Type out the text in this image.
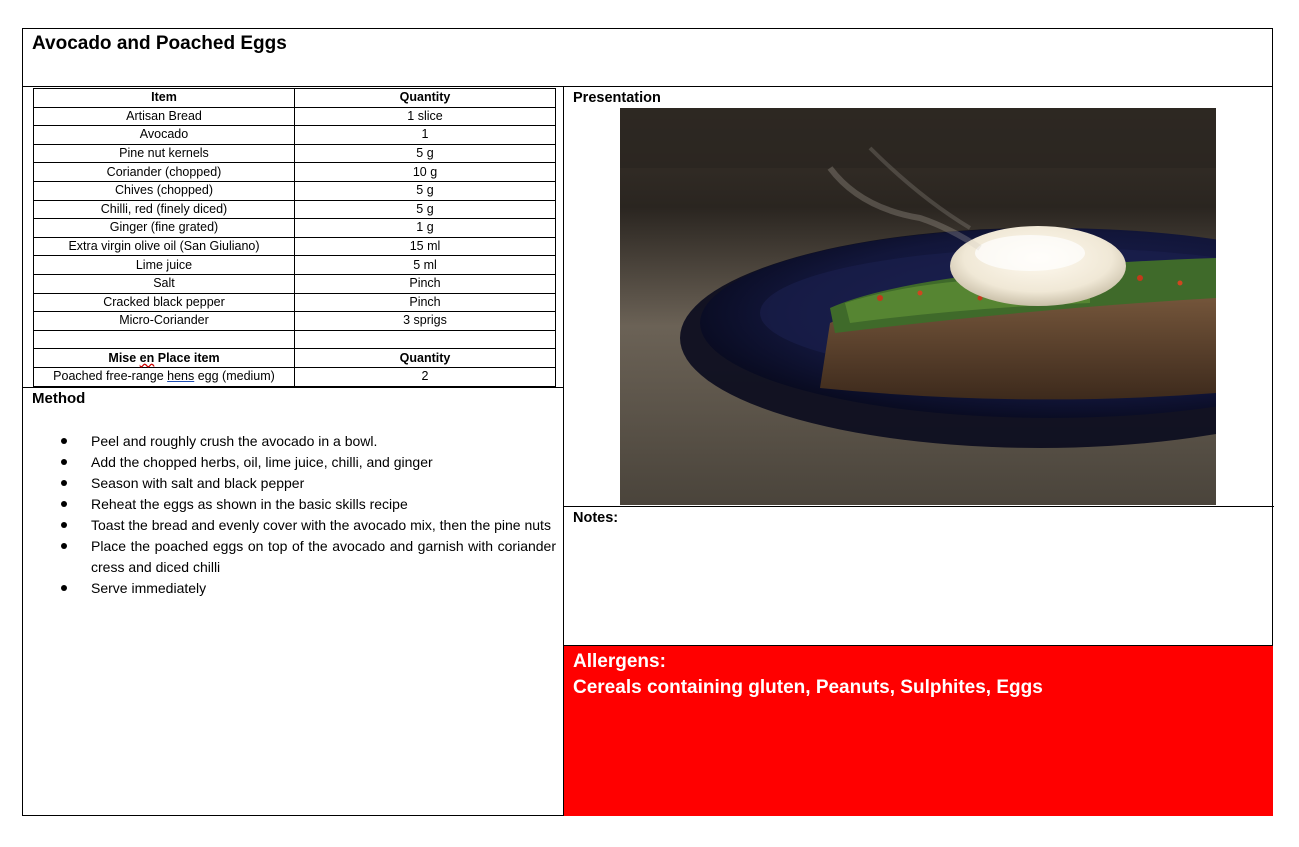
Avocado and Poached Eggs
Item	Quantity
Artisan Bread	1 slice
Avocado	1
Pine nut kernels	5 g
Coriander (chopped)	10 g
Chives (chopped)	5 g
Chilli, red (finely diced)	5 g
Ginger (fine grated)	1 g
Extra virgin olive oil (San Giuliano)	15 ml
Lime juice	5 ml
Salt	Pinch
Cracked black pepper	Pinch
Micro-Coriander	3 sprigs

Mise en Place item	Quantity
Poached free-range hens egg (medium)	2
Method
Peel and roughly crush the avocado in a bowl.
Add the chopped herbs, oil, lime juice, chilli, and ginger
Season with salt and black pepper
Reheat the eggs as shown in the basic skills recipe
Toast the bread and evenly cover with the avocado mix, then the pine nuts
Place the poached eggs on top of the avocado and garnish with coriander cress and diced chilli
Serve immediately
Presentation
Notes:
Allergens:
Cereals containing gluten, Peanuts, Sulphites, Eggs
